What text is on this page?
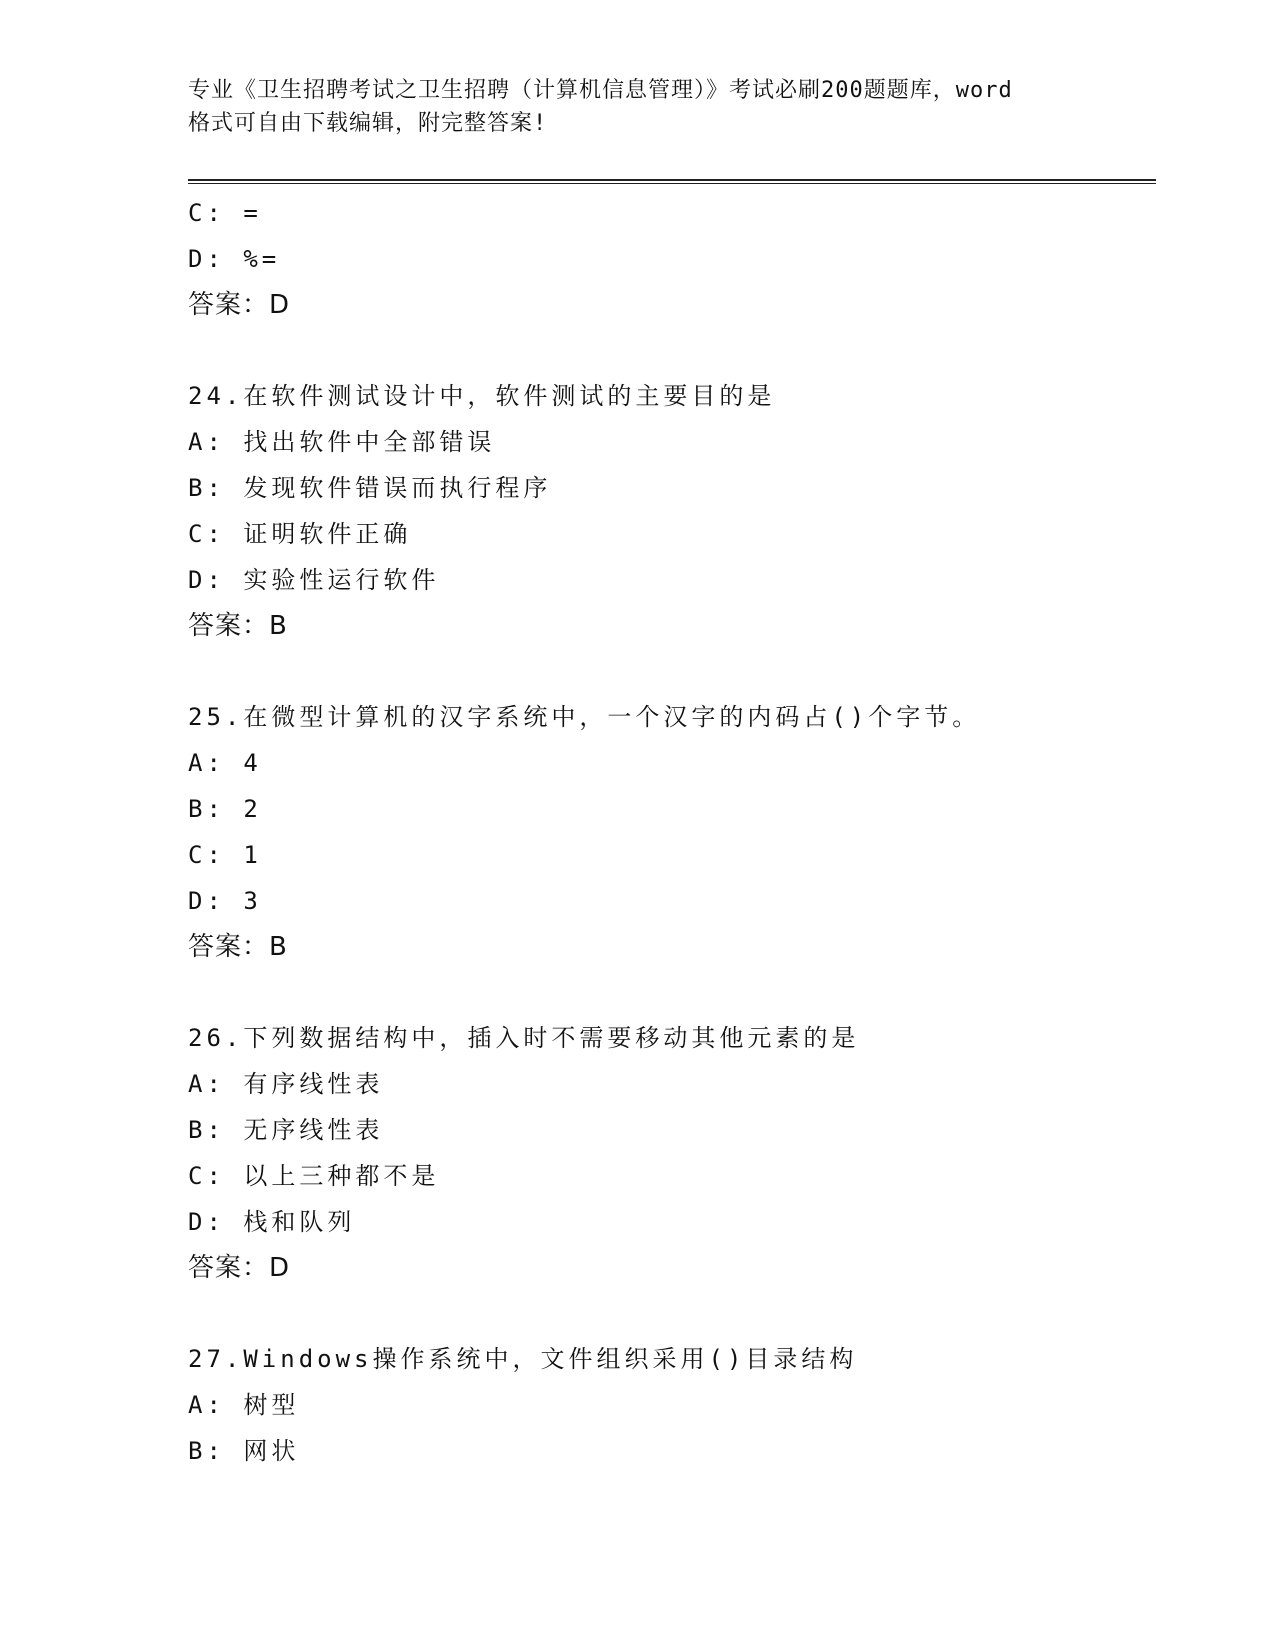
专业《卫生招聘考试之卫生招聘（计算机信息管理）》考试必刷200题题库，word
格式可自由下载编辑，附完整答案!
C: =
D: %=
答案：D
24.在软件测试设计中，软件测试的主要目的是
A: 找出软件中全部错误
B: 发现软件错误而执行程序
C: 证明软件正确
D: 实验性运行软件
答案：B
25.在微型计算机的汉字系统中，一个汉字的内码占()个字节。
A: 4
B: 2
C: 1
D: 3
答案：B
26.下列数据结构中，插入时不需要移动其他元素的是
A: 有序线性表
B: 无序线性表
C: 以上三种都不是
D: 栈和队列
答案：D
27.Windows操作系统中，文件组织采用()目录结构
A: 树型
B: 网状
